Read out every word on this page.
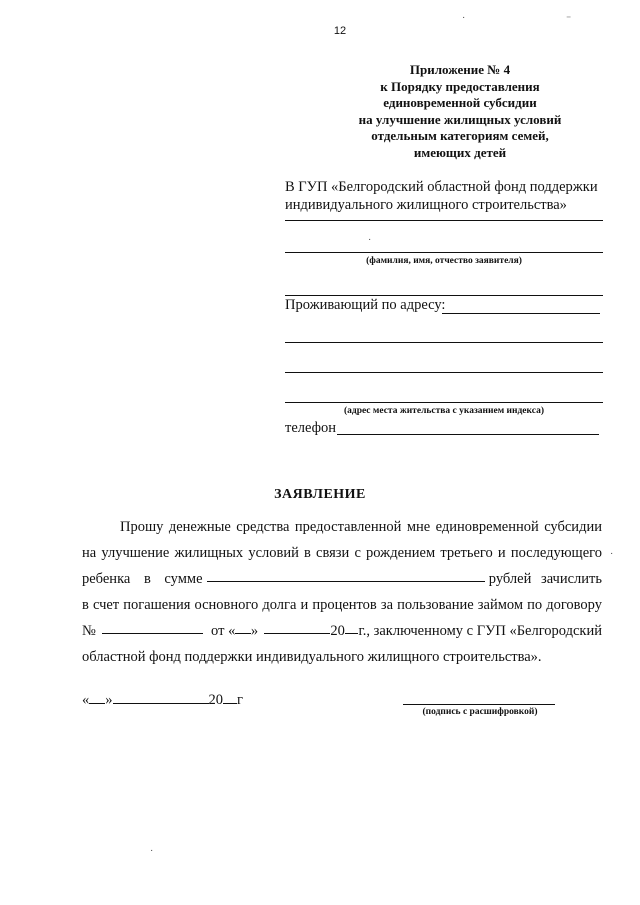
12
Приложение № 4
к Порядку предоставления
единовременной субсидии
на улучшение жилищных условий
отдельным категориям семей,
имеющих детей
В ГУП «Белгородский областной фонд поддержки индивидуального жилищного строительства»
(фамилия, имя, отчество заявителя)
Проживающий по адресу:
(адрес места жительства с указанием индекса)
телефон
ЗАЯВЛЕНИЕ
Прошу денежные средства предоставленной мне единовременной субсидии
на улучшение жилищных условий в связи с рождением третьего и последующего
ребенка в сумме	рублей зачислить
в счет погашения основного долга и процентов за пользование займом по договору
№	от « »	20 г., заключенному с ГУП «Белгородский
областной фонд поддержки индивидуального жилищного строительства».
« »	20 г
(подпись с расшифровкой)
·	⁻
·
·
·
